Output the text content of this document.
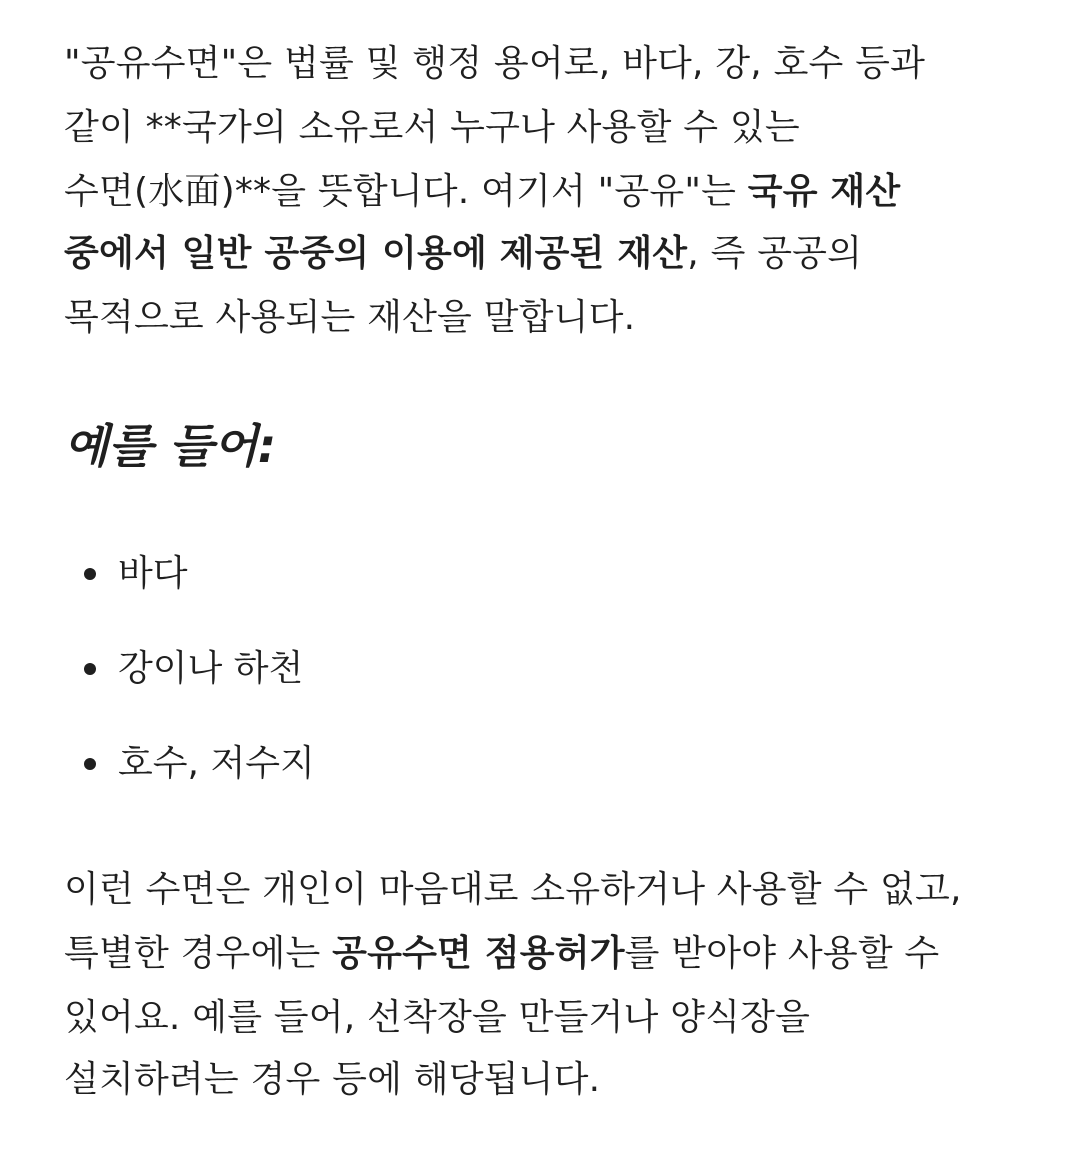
"공유수면"은 법률 및 행정 용어로, 바다, 강, 호수 등과
같이 **국가의 소유로서 누구나 사용할 수 있는
수면(水面)**을 뜻합니다. 여기서 "공유"는 국유 재산
중에서 일반 공중의 이용에 제공된 재산, 즉 공공의
목적으로 사용되는 재산을 말합니다.
예를 들어:
바다
강이나 하천
호수, 저수지
이런 수면은 개인이 마음대로 소유하거나 사용할 수 없고,
특별한 경우에는 공유수면 점용허가를 받아야 사용할 수
있어요. 예를 들어, 선착장을 만들거나 양식장을
설치하려는 경우 등에 해당됩니다.
